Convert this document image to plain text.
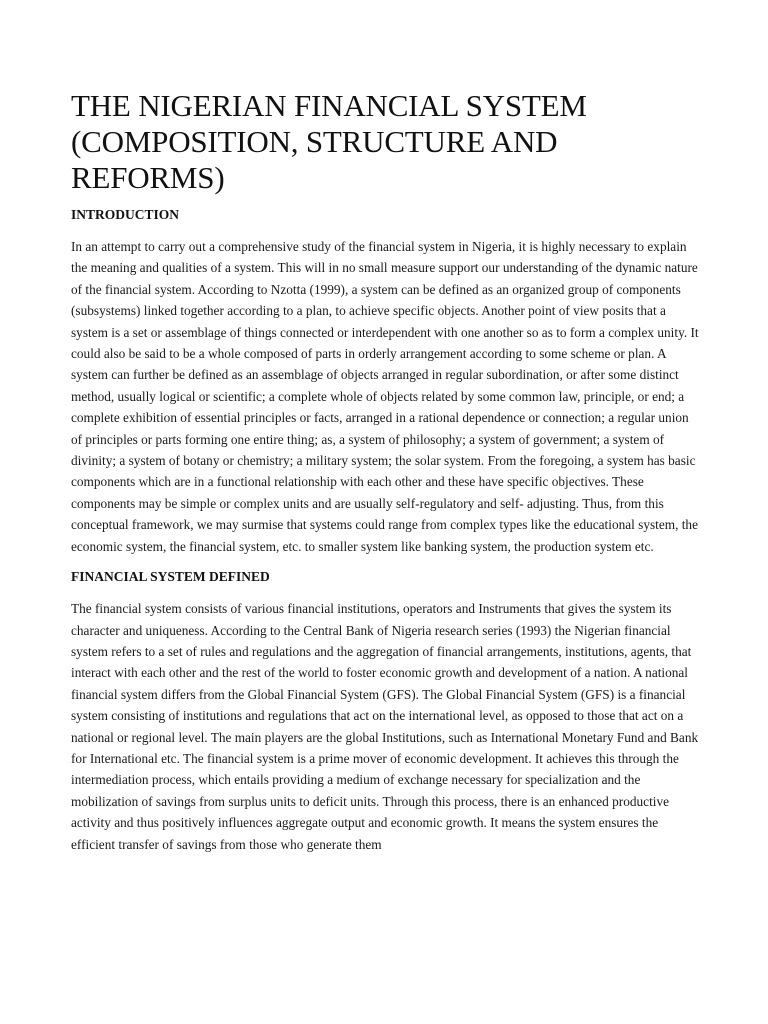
THE NIGERIAN FINANCIAL SYSTEM (COMPOSITION, STRUCTURE AND REFORMS)
INTRODUCTION

In an attempt to carry out a comprehensive study of the financial system in Nigeria, it is highly necessary to explain the meaning and qualities of a system. This will in no small measure support our understanding of the dynamic nature of the financial system. According to Nzotta (1999), a system can be defined as an organized group of components (subsystems) linked together according to a plan, to achieve specific objects. Another point of view posits that a system is a set or assemblage of things connected or interdependent with one another so as to form a complex unity. It could also be said to be a whole composed of parts in orderly arrangement according to some scheme or plan. A system can further be defined as an assemblage of objects arranged in regular subordination, or after some distinct method, usually logical or scientific; a complete whole of objects related by some common law, principle, or end; a complete exhibition of essential principles or facts, arranged in a rational dependence or connection; a regular union of principles or parts forming one entire thing; as, a system of philosophy; a system of government; a system of divinity; a system of botany or chemistry; a military system; the solar system. From the foregoing, a system has basic components which are in a functional relationship with each other and these have specific objectives. These components may be simple or complex units and are usually self-regulatory and self- adjusting. Thus, from this conceptual framework, we may surmise that systems could range from complex types like the educational system, the economic system, the financial system, etc. to smaller system like banking system, the production system etc.

FINANCIAL SYSTEM DEFINED

The financial system consists of various financial institutions, operators and Instruments that gives the system its character and uniqueness. According to the Central Bank of Nigeria research series (1993) the Nigerian financial system refers to a set of rules and regulations and the aggregation of financial arrangements, institutions, agents, that interact with each other and the rest of the world to foster economic growth and development of a nation. A national financial system differs from the Global Financial System (GFS). The Global Financial System (GFS) is a financial system consisting of institutions and regulations that act on the international level, as opposed to those that act on a national or regional level. The main players are the global Institutions, such as International Monetary Fund and Bank for International etc. The financial system is a prime mover of economic development. It achieves this through the intermediation process, which entails providing a medium of exchange necessary for specialization and the mobilization of savings from surplus units to deficit units. Through this process, there is an enhanced productive activity and thus positively influences aggregate output and economic growth. It means the system ensures the efficient transfer of savings from those who generate them
